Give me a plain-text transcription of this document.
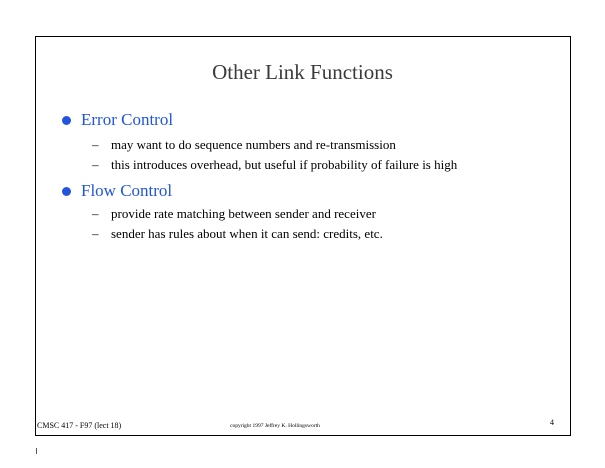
Other Link Functions
Error Control
– may want to do sequence numbers and re-transmission
– this introduces overhead, but useful if probability of failure is high
Flow Control
– provide rate matching between sender and receiver
– sender has rules about when it can send: credits, etc.
CMSC 417 - F97 (lect 18)	copyright 1997 Jeffrey K. Hollingsworth	4
